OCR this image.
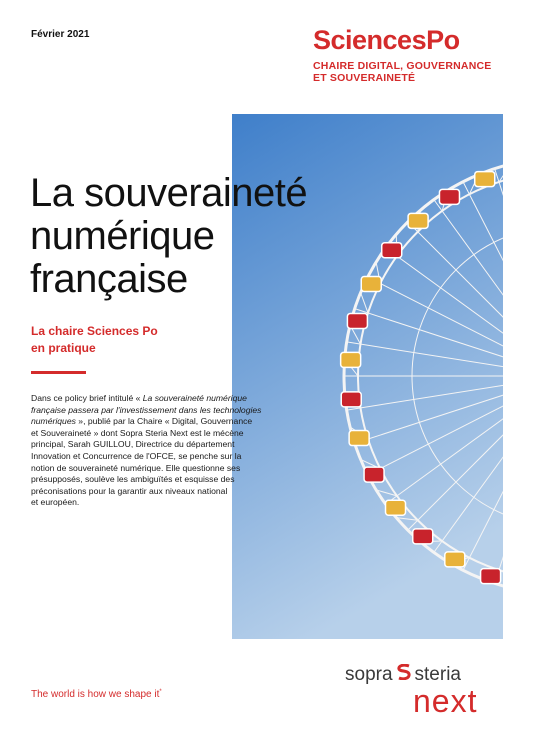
Février 2021	SciencesPo
CHAIRE DIGITAL, GOUVERNANCE
ET SOUVERAINETÉ
La souveraineté
numérique
française
La chaire Sciences Po
en pratique
Dans ce policy brief intitulé « La souveraineté numérique
française passera par l'investissement dans les technologies
numériques », publié par la Chaire « Digital, Gouvernance
et Souveraineté » dont Sopra Steria Next est le mécène
principal, Sarah GUILLOU, Directrice du département
Innovation et Concurrence de l'OFCE, se penche sur la
notion de souveraineté numérique. Elle questionne ses
présupposés, soulève les ambiguïtés et esquisse des
préconisations pour la garantir aux niveaux national
et européen.
The world is how we shape it*
sopra steria
next
